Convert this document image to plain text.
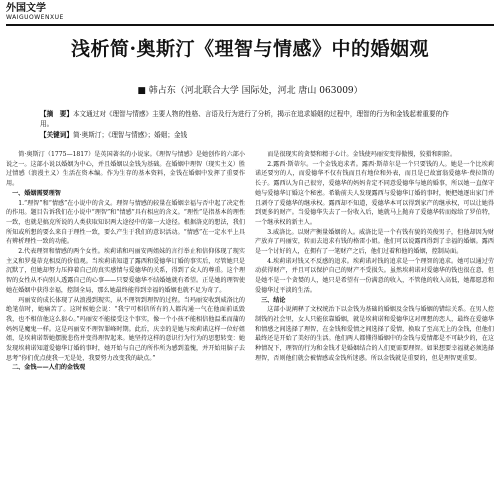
外国文学
WAIGUOWENXUE
浅析简·奥斯汀《理智与情感》中的婚姻观
■ 韩占东（河北联合大学 国际处，河北 唐山 063009）
【摘　要】本文通过对《理智与情感》主要人物的性格、言语及行为进行了分析，揭示在追求婚姻的过程中，理智的行为和金钱起着重要的作用。
【关键词】简·奥斯汀；《理智与情感》；婚姻；金钱

简·奥斯汀（1775—1817）是英国著名的小说家。《理智与情感》是她创作的六部小说之一。这部小说以婚姻为中心，并且婚姻以金钱为基础。在婚姻中理智（现实主义）胜过情感（浪漫主义）生活在资本编。作为生存的基本资料，金钱在婚姻中发挥了重要作用。

一、婚姻需要理智

1.“理智”和“情感”在小说中的含义。理智与情感的较量在婚姻幸福与否中起了决定性的作用。题目告诉我们在小说中“理智”和“情感”具有相应的含义。“理性”是指基本的理性一致，也就是搞克所说的人类获取知识两大途径中的第一大途径。根据洛克的想法，我们所知或所想的要么来自于理性一致，要么产生于我们的意识活动。“情感”在一定水平上具有辨析理性一致的功能。

2.代表理智和情感的两个女性。埃莉诺和玛丽安两姐妹的言行举止和信仰体现了现实主义和罗曼蒂克相反的价值观。当埃莉诺知道了露西和爱德华订婚的事实后，尽管她只是沉默了，但她却努力压抑着自己的真实感情与爱德华的关系，得到了众人的尊重。这个理智的女性从不向别人透露自己的心事——只要爱德华不结婚她就有希望。正是她的理智使她在婚姻中获得幸福，控制全局，那么她最终能得到幸福的婚姻也就不足为奇了。

玛丽安的成长体现了从浪漫到现实，从不理智到理智的过程。当玛丽安收到威洛比的绝笔信时，她痛苦了。这时候她会说：“我宁可相信所有的人都沟通一气在他面前诋毁我，也不相信他这么狠心。”玛丽安不能接受这个事实，像一个小孩不能相信他温柔而蒲的妈妈是魔鬼一样。这是玛丽安不理智罪峰时期。此后，庆幸的是她与埃莉诺这样一位好姐姐，是埃莉诺帮她摆脱悲伤并变得理智起来。她坚持这样的意识行为行为的思想转变：她发现埃莉诺知道爱德华订婚的事时，她开始与自己的所作所为感到羞愧，并开始用脑子去思考“你们优点使我一无是处，我要努力改变我的缺点。”

二、金钱——人们的金钱观

而是很现实的贪婪和精于心计。金钱使玛丽安变得傲慢，狡猾和阴险。

2.露西·斯蒂尔。一个金钱追求者。露西·斯蒂尔是一个只要钱的人。她是一个比埃莉诺还要穷的人，而爱德华不仅有钱而且有地位和外表，而且是已故富翁爱德华·费拉斯的长子。露西认为自己很穷，爱德华的妈妈肯定不同意爱德华与她的婚事，所以她一直保守她与爱德华订婚这个秘密。希勒前夫人发现露西与爱德华订婚的事时，便把她逐出家门并且剥夺了爱德华的继承权。露西却不知道，爱德华本可以得到家产的继承权，可以让她得到更多的财产。当爱德华失去了一份收入后，她就马上抛弃了爱德华转而嫁给了罗伯特，一个继承权的新主人。

3.威洛比。以财产衡量婚姻的人。威洛比是一个有钱有貌的英俊男子，但他却因为财产放弃了玛丽安，转而去追求有钱的格雷小姐。他们可以说露西得到了幸福的婚姻。露西是一个讨好的人，在拥有了一笔财产之后，他们过着和他的婚姻，控制局面。

4.埃莉诺对钱又不反感的追求。埃莉诺对钱的追求是一个理智的追求。她可以通过劳动获得财产，并且可以保护自己的财产不受损失。虽然埃莉诺对爱德华的钱也很在意，但是她不是一个贪婪的人，她只是希望有一份满意的收入，不管他的收入高低，她都愿意和爱德华过平淡的生活。

三、结论

这部小说阐释了文权统治下以金钱为基础的婚姻及金钱与婚姻的错综关系。在男人控制钱的社会里，女人只能依靠婚姻，就是埃莉诺和爱德华这对理想的恋人，最终在爱德华和情感之间选择了理智，在金钱和爱情之间选择了爱情，换取了至高无上的金钱，但他们最终还是开始了美好的生活。他们两人都懂得婚姻中的金钱与爱情都是不可缺少的，在这种情况下，理智的行为和金钱才是婚姻结合的人们更需要理智。如果想要幸福就必须选择理智，否则他们就会被情感或金钱所迷惑。所以金钱就是重要的，但是理智更重要。
